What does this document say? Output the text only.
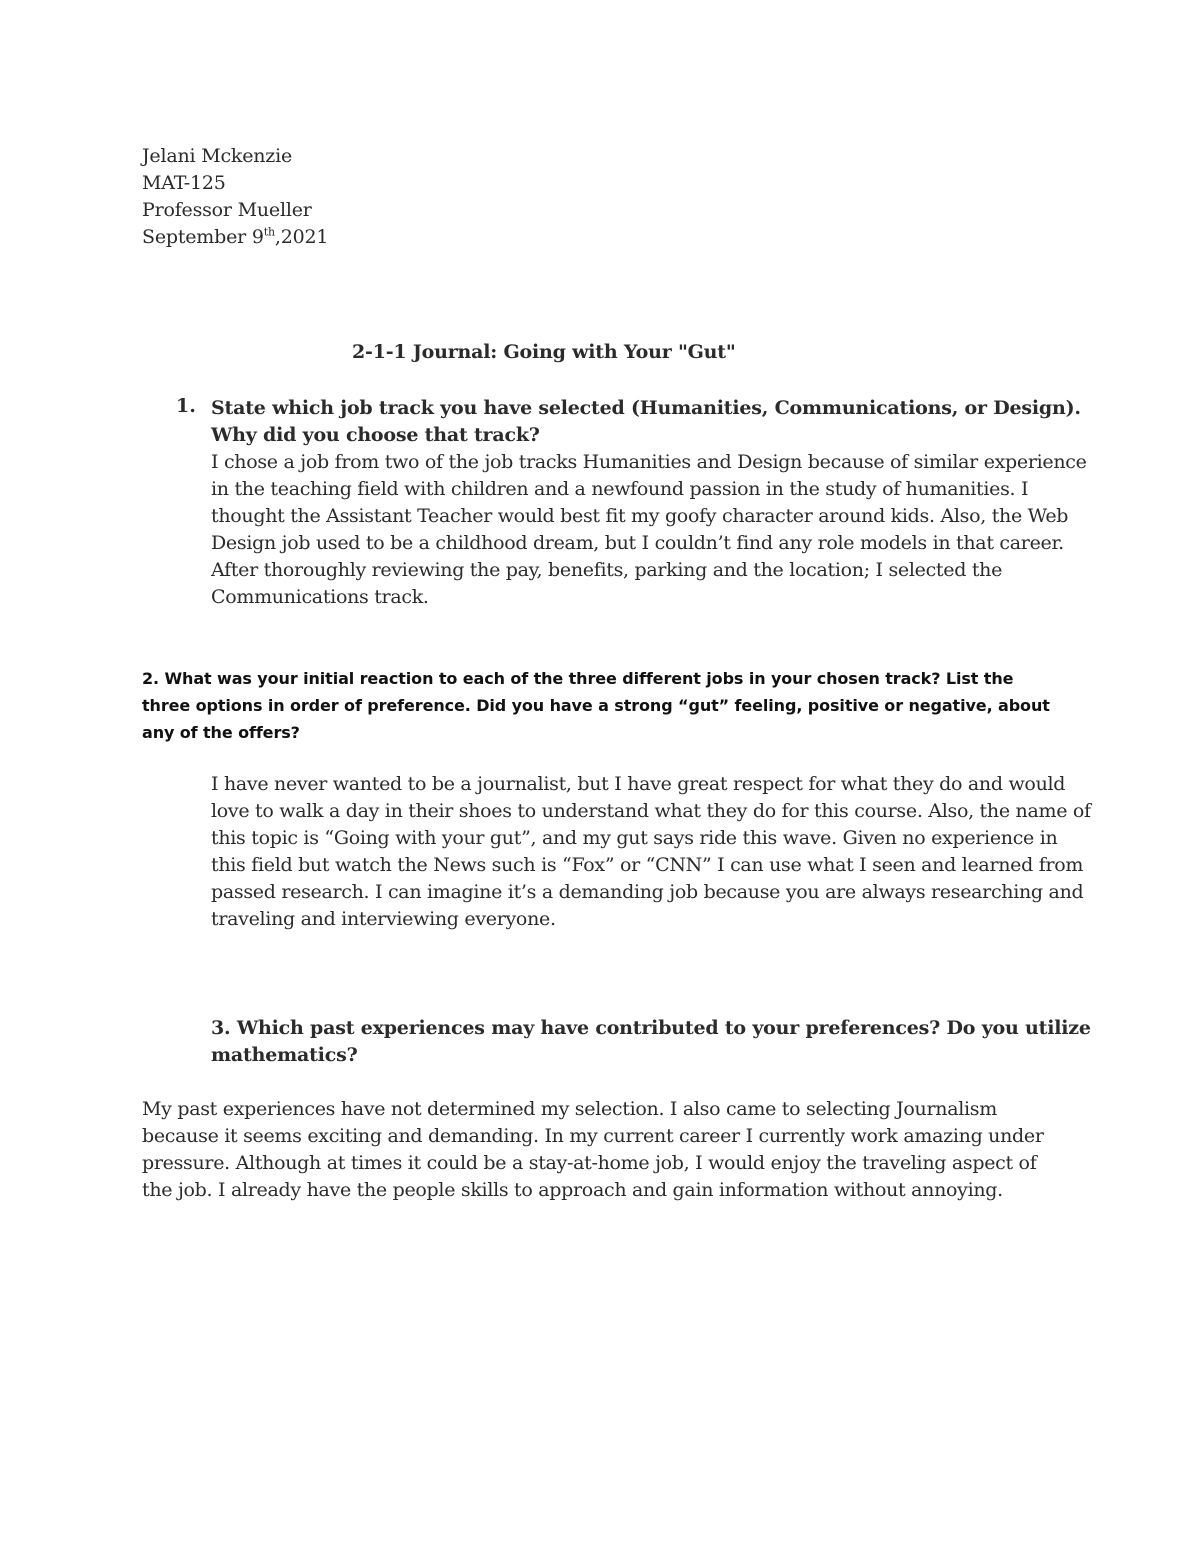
Jelani Mckenzie
MAT-125
Professor Mueller
September 9th,2021
2-1-1 Journal: Going with Your "Gut"
1. State which job track you have selected (Humanities, Communications, or Design). Why did you choose that track?
I chose a job from two of the job tracks Humanities and Design because of similar experience in the teaching field with children and a newfound passion in the study of humanities. I thought the Assistant Teacher would best fit my goofy character around kids. Also, the Web Design job used to be a childhood dream, but I couldn’t find any role models in that career. After thoroughly reviewing the pay, benefits, parking and the location; I selected the Communications track.
2. What was your initial reaction to each of the three different jobs in your chosen track? List the three options in order of preference. Did you have a strong “gut” feeling, positive or negative, about any of the offers?
I have never wanted to be a journalist, but I have great respect for what they do and would love to walk a day in their shoes to understand what they do for this course. Also, the name of this topic is “Going with your gut”, and my gut says ride this wave. Given no experience in this field but watch the News such is “Fox” or “CNN” I can use what I seen and learned from passed research. I can imagine it’s a demanding job because you are always researching and traveling and interviewing everyone.
3. Which past experiences may have contributed to your preferences? Do you utilize mathematics?
My past experiences have not determined my selection. I also came to selecting Journalism because it seems exciting and demanding. In my current career I currently work amazing under pressure. Although at times it could be a stay-at-home job, I would enjoy the traveling aspect of the job. I already have the people skills to approach and gain information without annoying.
